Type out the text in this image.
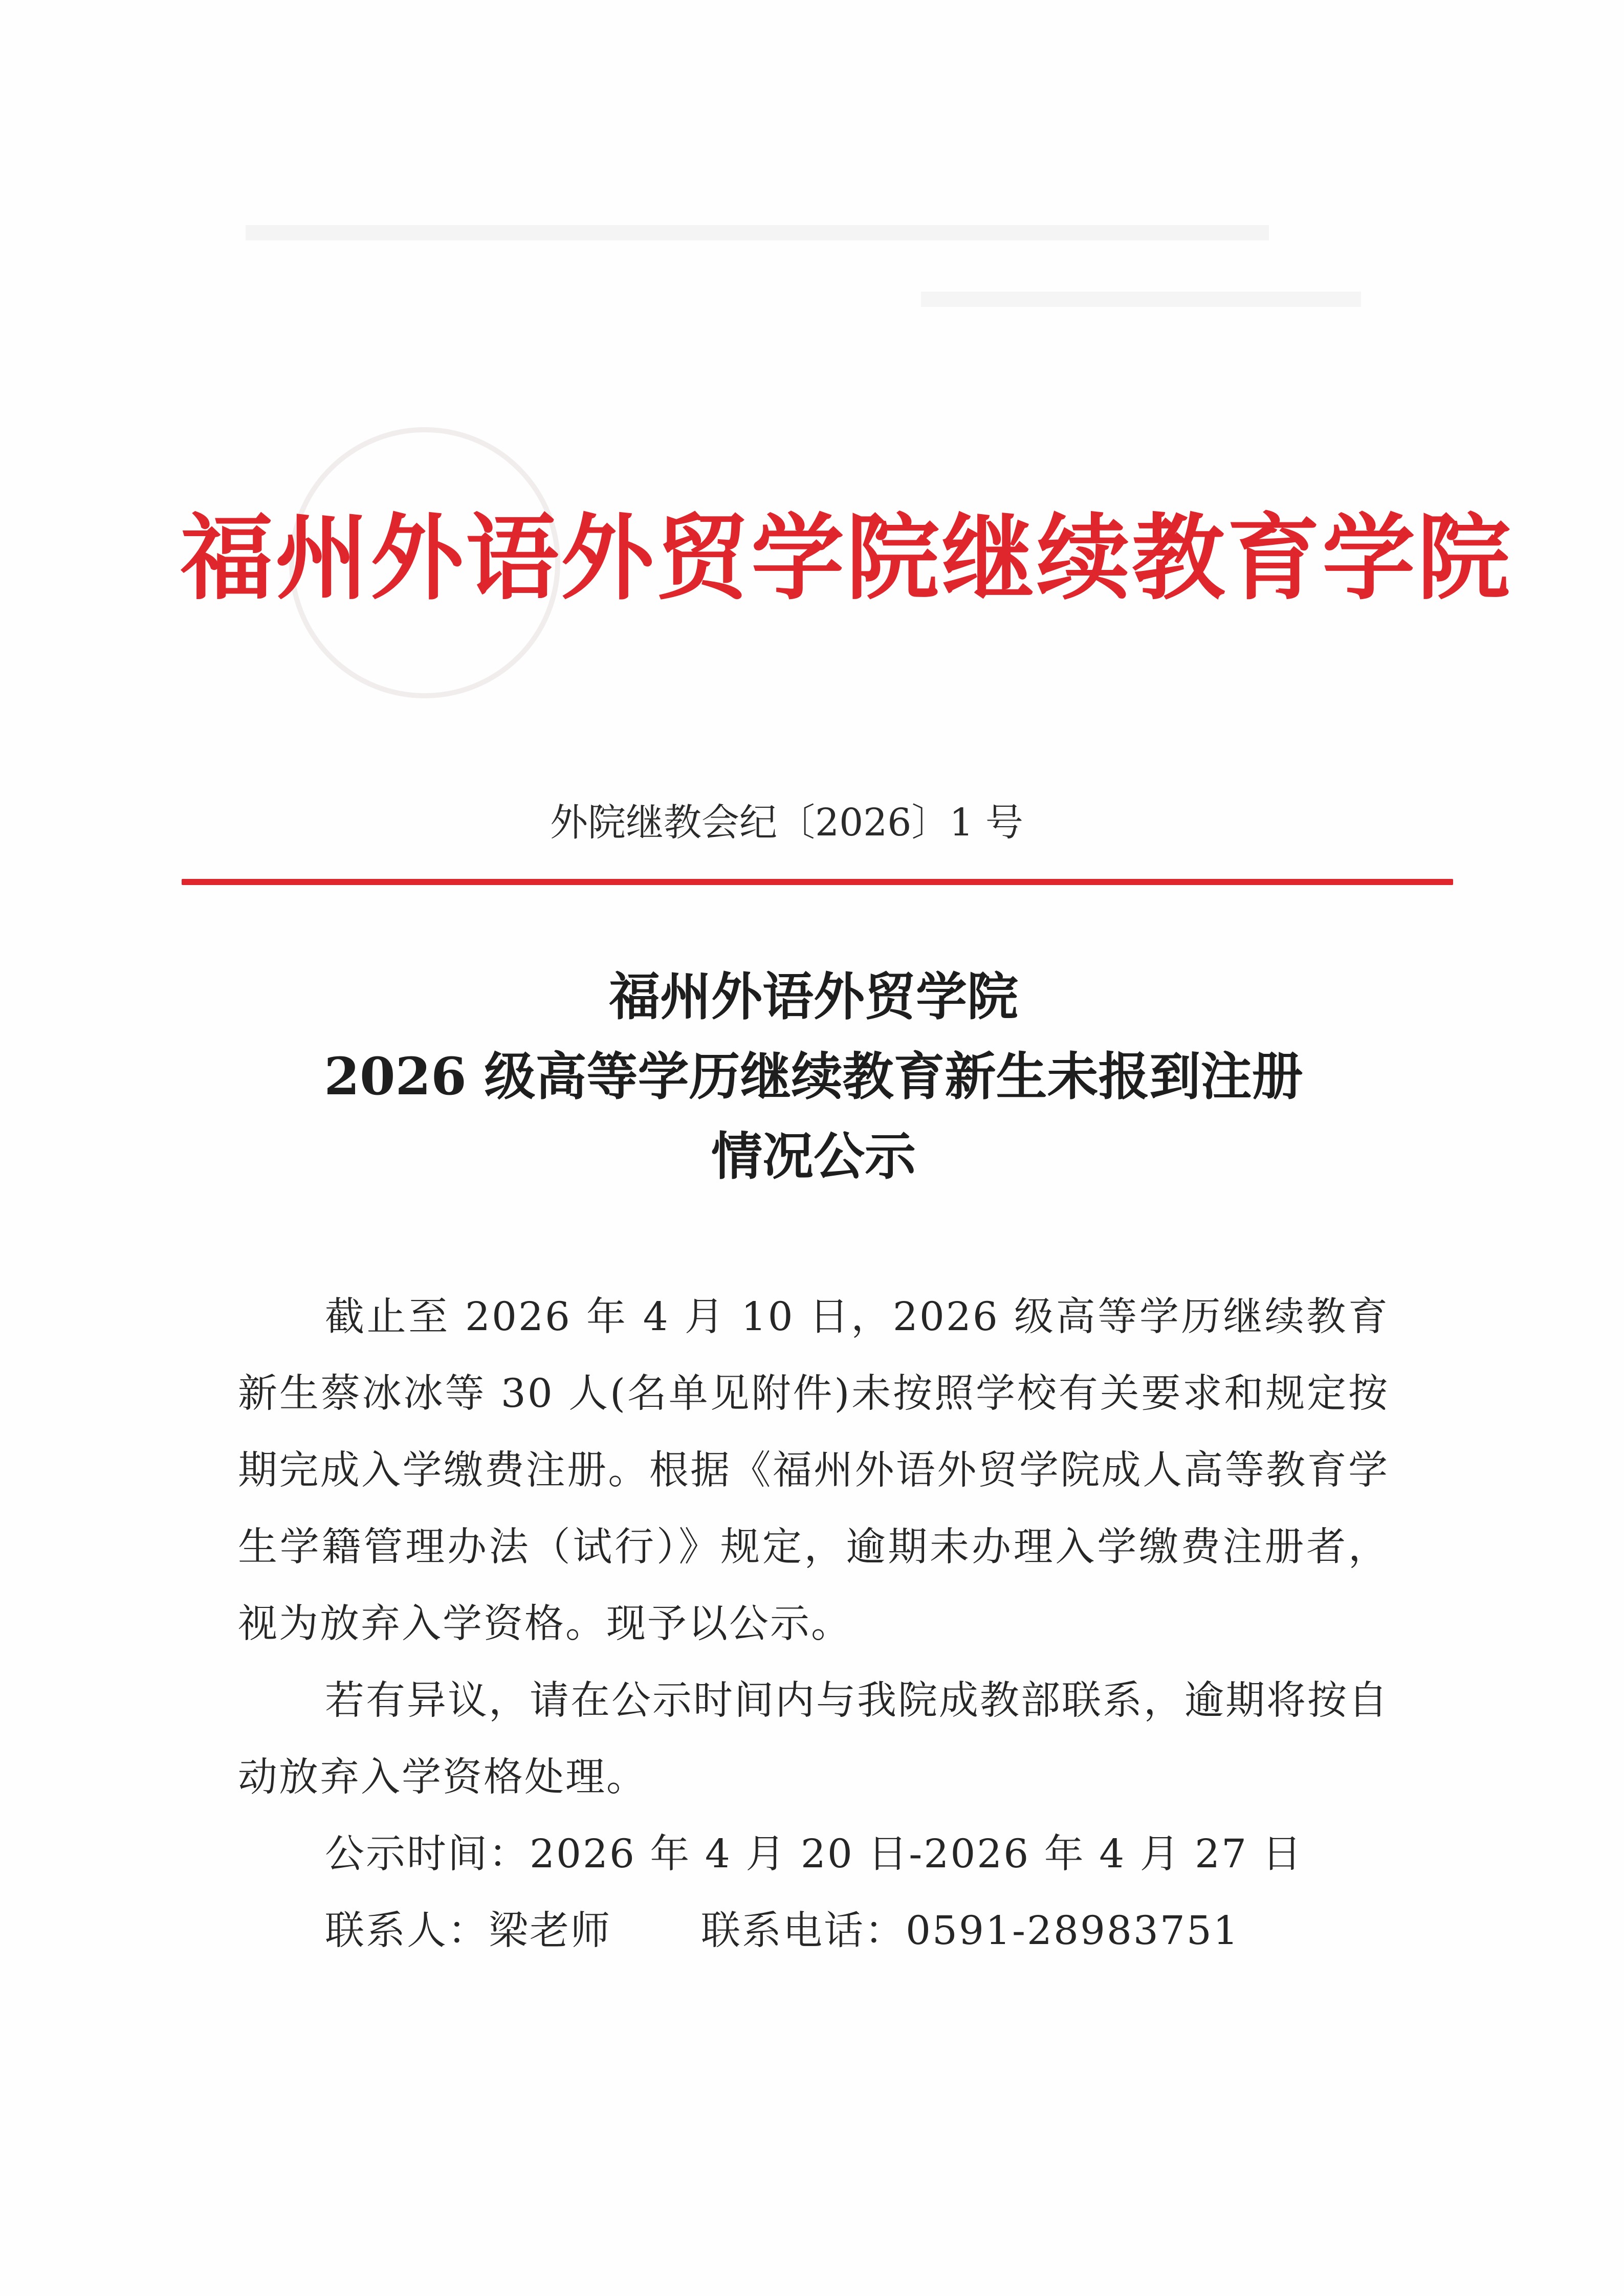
福州外语外贸学院继续教育学院
外院继教会纪〔2026〕1 号
福州外语外贸学院
2026 级高等学历继续教育新生未报到注册
情况公示

截止至 2026 年 4 月 10 日，2026 级高等学历继续教育新生蔡冰冰等 30 人(名单见附件)未按照学校有关要求和规定按期完成入学缴费注册。根据《福州外语外贸学院成人高等教育学生学籍管理办法（试行）》规定，逾期未办理入学缴费注册者，视为放弃入学资格。现予以公示。

若有异议，请在公示时间内与我院成教部联系，逾期将按自动放弃入学资格处理。

公示时间：2026 年 4 月 20 日-2026 年 4 月 27 日

联系人：梁老师 联系电话：0591-28983751
